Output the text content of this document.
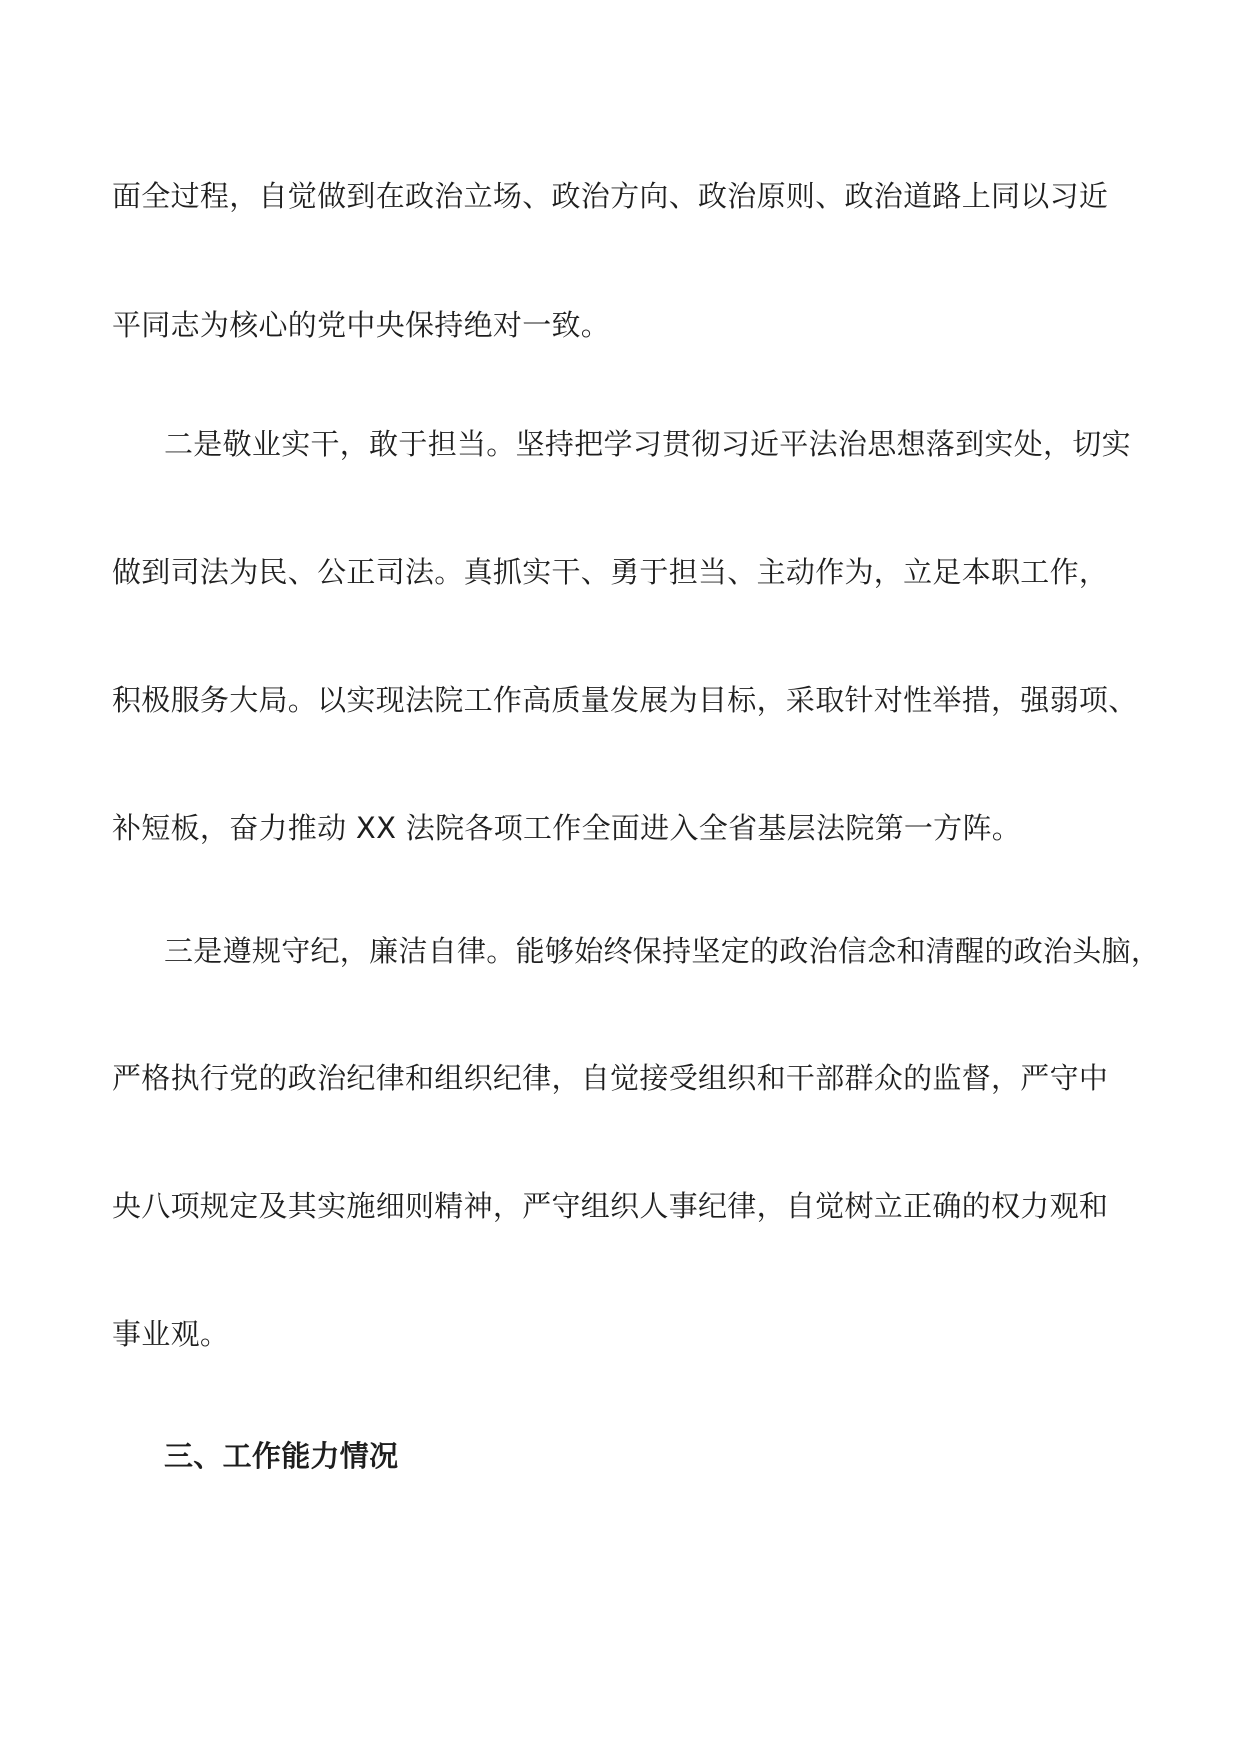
面全过程，自觉做到在政治立场、政治方向、政治原则、政治道路上同以习近
平同志为核心的党中央保持绝对一致。
二是敬业实干，敢于担当。坚持把学习贯彻习近平法治思想落到实处，切实
做到司法为民、公正司法。真抓实干、勇于担当、主动作为，立足本职工作，
积极服务大局。以实现法院工作高质量发展为目标，采取针对性举措，强弱项、
补短板，奋力推动 XX 法院各项工作全面进入全省基层法院第一方阵。
三是遵规守纪，廉洁自律。能够始终保持坚定的政治信念和清醒的政治头脑，
严格执行党的政治纪律和组织纪律，自觉接受组织和干部群众的监督，严守中
央八项规定及其实施细则精神，严守组织人事纪律，自觉树立正确的权力观和
事业观。
三、工作能力情况
